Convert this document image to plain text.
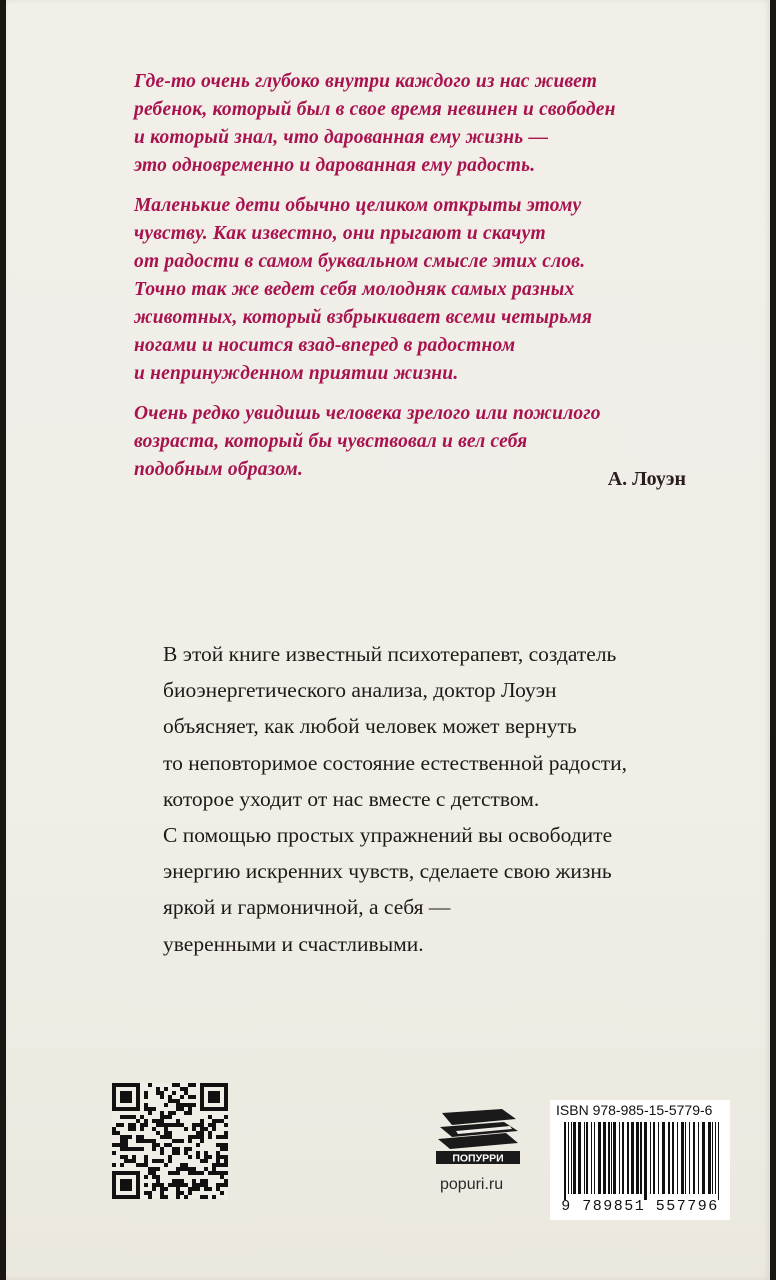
Где-то очень глубоко внутри каждого из нас живет
ребенок, который был в свое время невинен и свободен
и который знал, что дарованная ему жизнь —
это одновременно и дарованная ему радость.

Маленькие дети обычно целиком открыты этому
чувству. Как известно, они прыгают и скачут
от радости в самом буквальном смысле этих слов.
Точно так же ведет себя молодняк самых разных
животных, который взбрыкивает всеми четырьмя
ногами и носится взад-вперед в радостном
и непринужденном приятии жизни.

Очень редко увидишь человека зрелого или пожилого
возраста, который бы чувствовал и вел себя
подобным образом.	А. Лоуэн
В этой книге известный психотерапевт, создатель
биоэнергетического анализа, доктор Лоуэн
объясняет, как любой человек может вернуть
то неповторимое состояние естественной радости,
которое уходит от нас вместе с детством.
С помощью простых упражнений вы освободите
энергию искренних чувств, сделаете свою жизнь
яркой и гармоничной, а себя —
уверенными и счастливыми.
ПОПУРРИ
popuri.ru
ISBN 978-985-15-5779-6
9 789851 557796
